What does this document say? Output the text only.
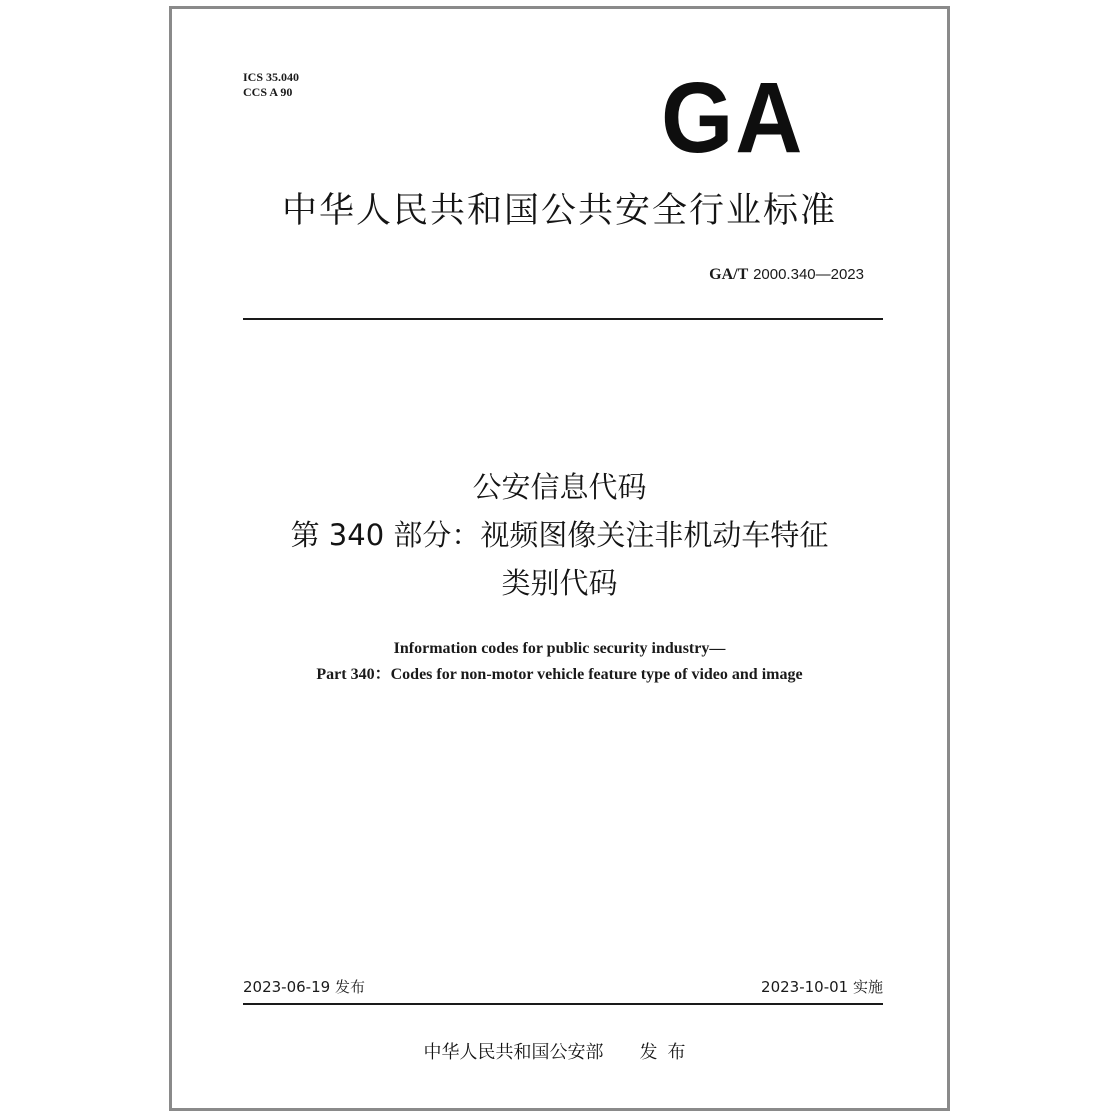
ICS 35.040
CCS A 90	GA
中华人民共和国公共安全行业标准
GA/T 2000.340—2023
公安信息代码
第 340 部分：视频图像关注非机动车特征
类别代码
Information codes for public security industry—
Part 340：Codes for non-motor vehicle feature type of video and image
2023-06-19 发布	2023-10-01 实施
中华人民共和国公安部 发布
